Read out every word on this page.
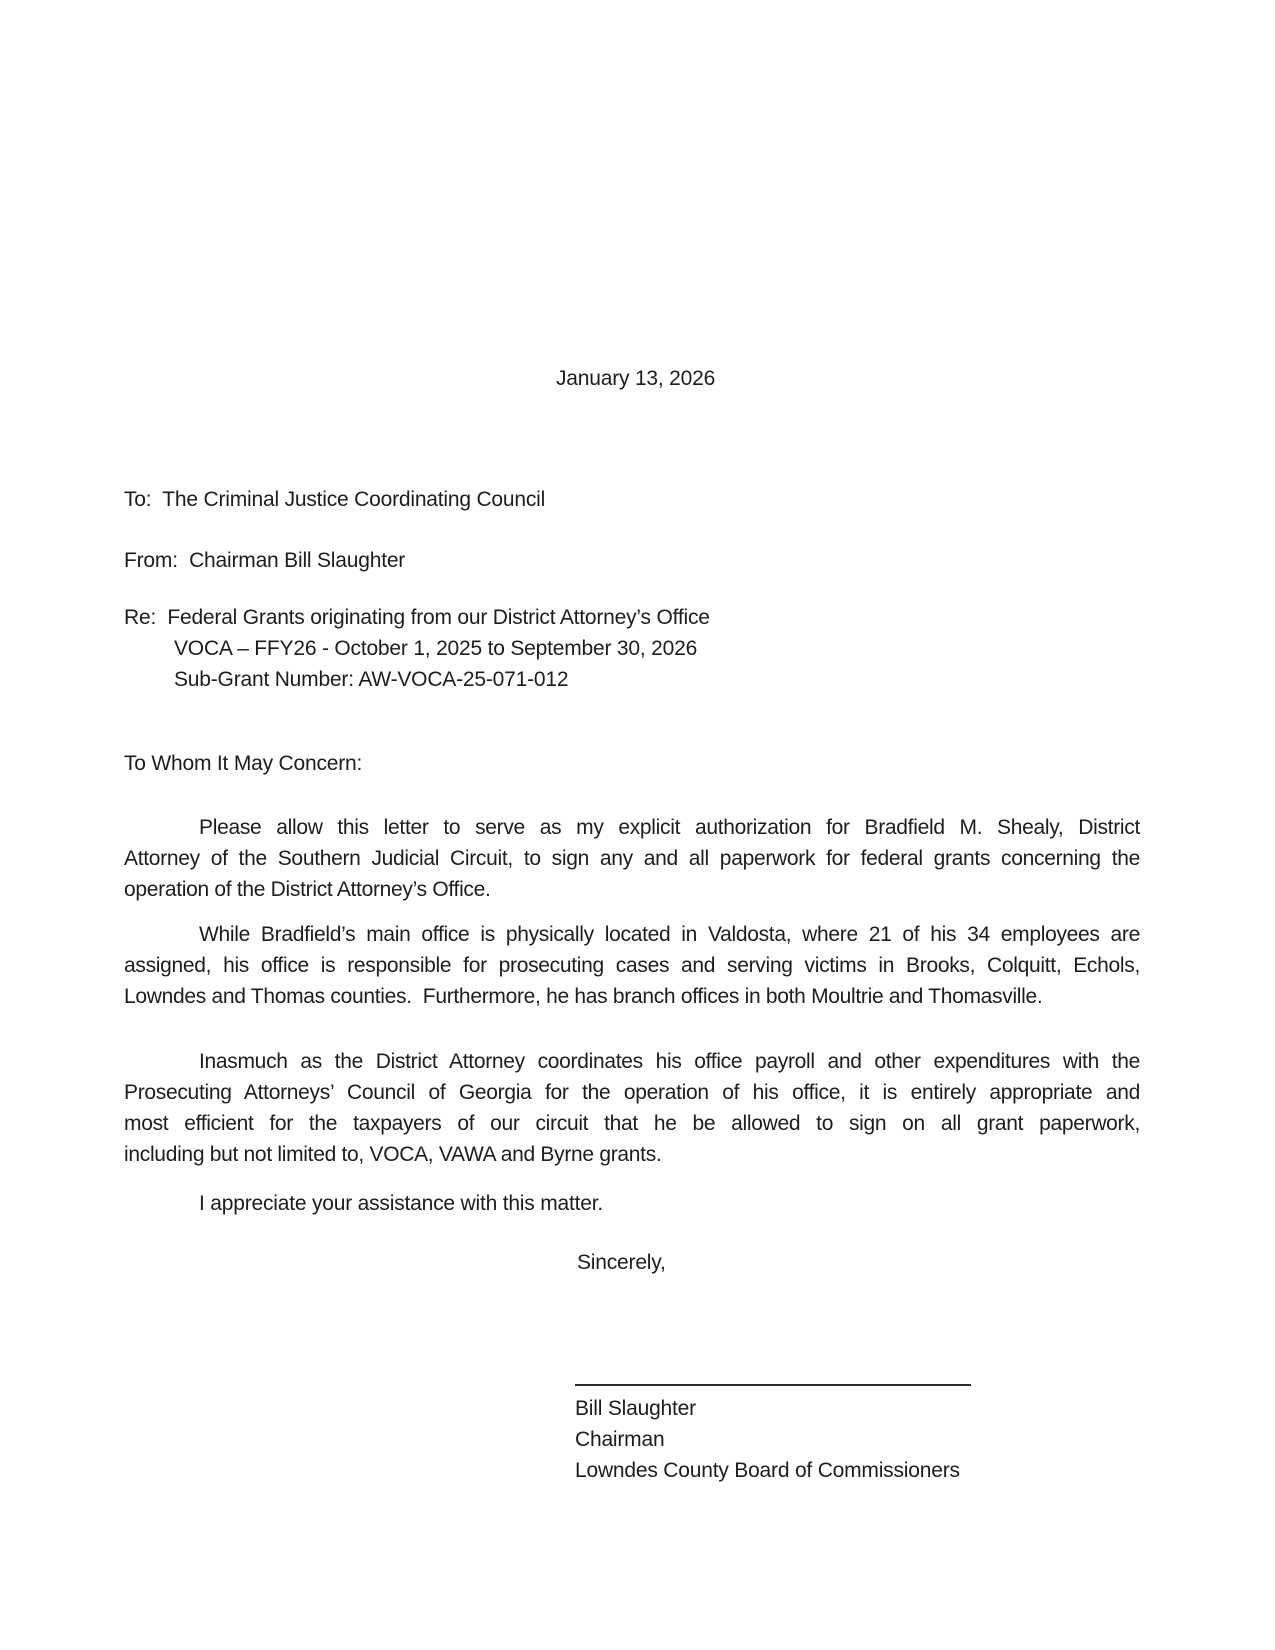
January 13, 2026
To:  The Criminal Justice Coordinating Council
From:  Chairman Bill Slaughter
Re:  Federal Grants originating from our District Attorney’s Office
VOCA – FFY26 - October 1, 2025 to September 30, 2026
Sub-Grant Number: AW-VOCA-25-071-012
To Whom It May Concern:
Please allow this letter to serve as my explicit authorization for Bradfield M. Shealy, District
Attorney of the Southern Judicial Circuit, to sign any and all paperwork for federal grants concerning the
operation of the District Attorney’s Office.
While Bradfield’s main office is physically located in Valdosta, where 21 of his 34 employees are
assigned, his office is responsible for prosecuting cases and serving victims in Brooks, Colquitt, Echols,
Lowndes and Thomas counties.  Furthermore, he has branch offices in both Moultrie and Thomasville.
Inasmuch as the District Attorney coordinates his office payroll and other expenditures with the
Prosecuting Attorneys’ Council of Georgia for the operation of his office, it is entirely appropriate and
most efficient for the taxpayers of our circuit that he be allowed to sign on all grant paperwork,
including but not limited to, VOCA, VAWA and Byrne grants.
I appreciate your assistance with this matter.
Sincerely,
Bill Slaughter
Chairman
Lowndes County Board of Commissioners
